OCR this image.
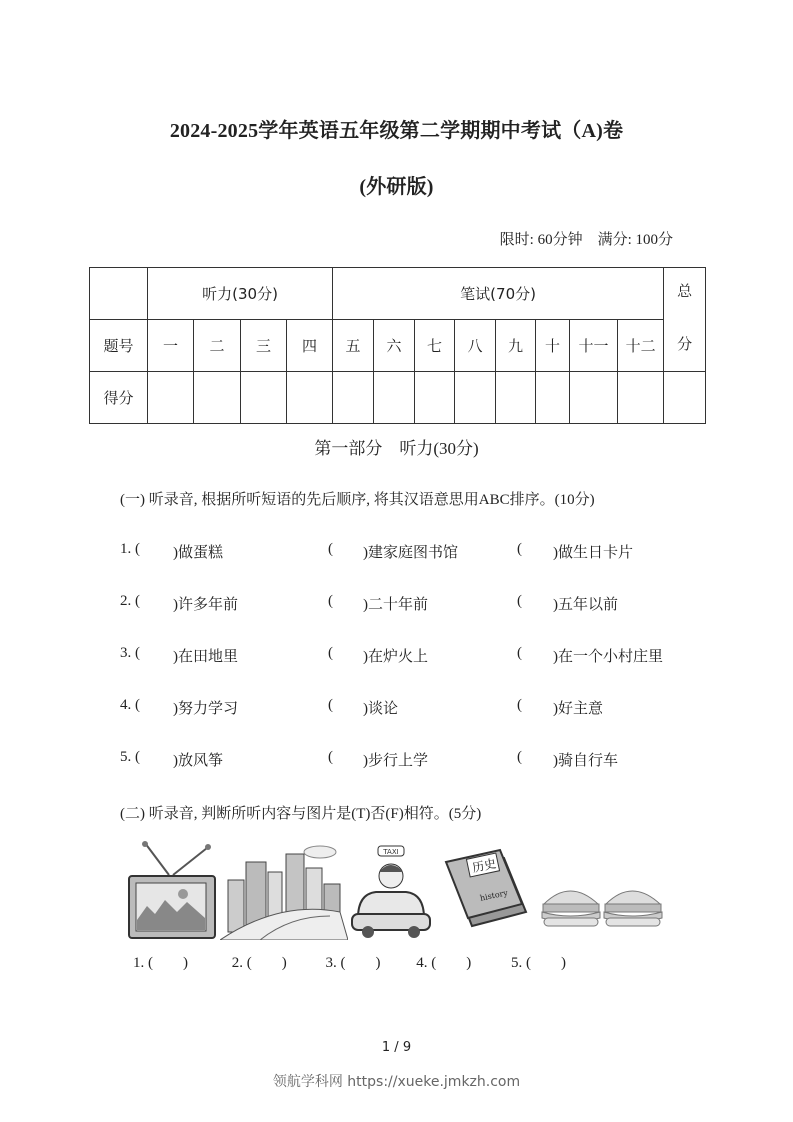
2024-2025学年英语五年级第二学期期中考试（A)卷
(外研版)
限时: 60分钟    满分: 100分
	听力(30分)				笔试(70分)								总
分	

题号	一	二	三	四	五	六	七	八	九	十	十一	十二		
得分														
第一部分    听力(30分)
(一) 听录音, 根据所听短语的先后顺序, 将其汉语意思用ABC排序。(10分)
1. ( )做蛋糕	( )建家庭图书馆	( )做生日卡片
2. ( )许多年前	( )二十年前	( )五年以前
3. ( )在田地里	( )在炉火上	( )在一个小村庄里
4. ( )努力学习	( )谈论	( )好主意
5. ( )放风筝	( )步行上学	( )骑自行车
(二) 听录音, 判断所听内容与图片是(T)否(F)相符。(5分)
TAXI
历史
history
1. (        )	2. (        )	3. (        ) 4. (        )	5. (        )
1 / 9
领航学科网 https://xueke.jmkzh.com
